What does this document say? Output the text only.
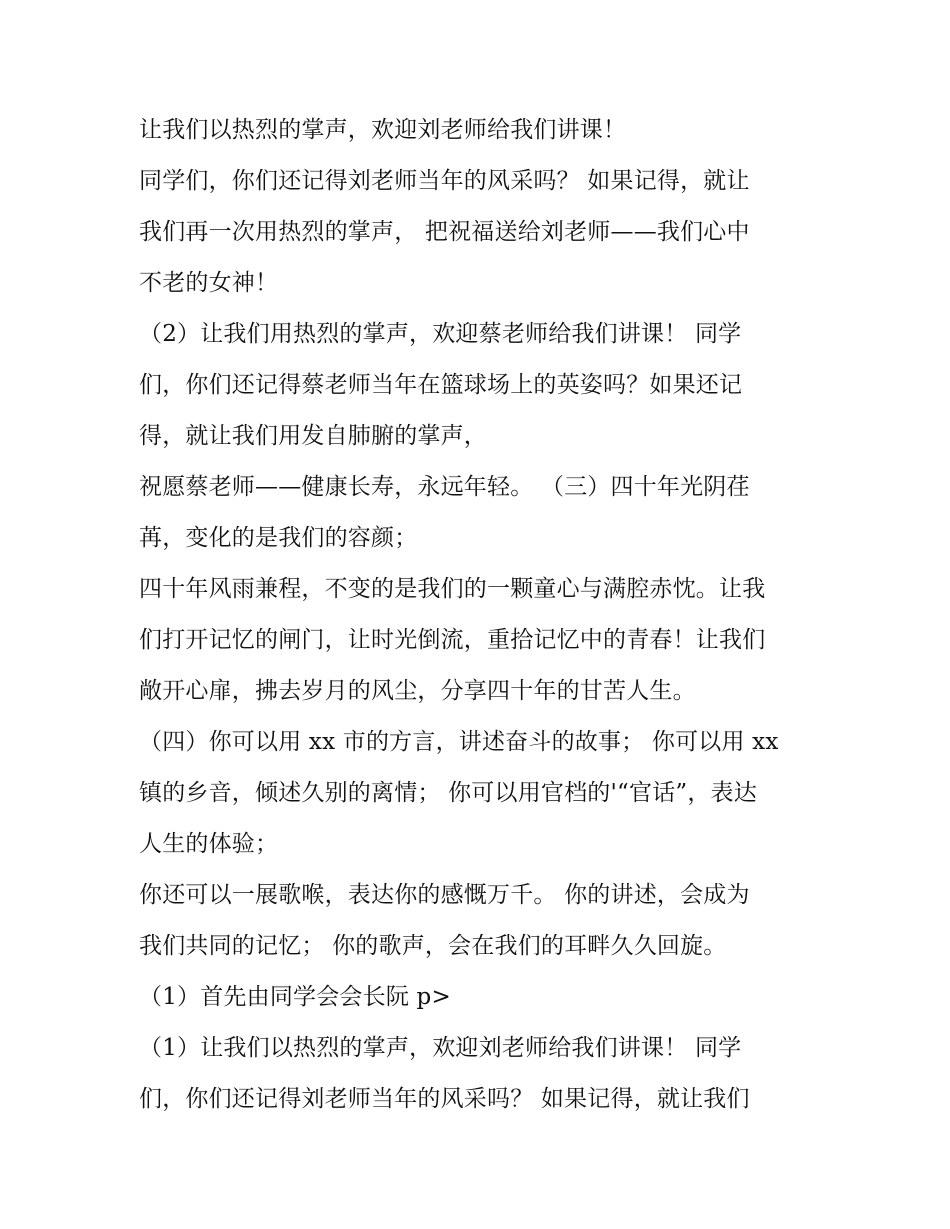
让我们以热烈的掌声，欢迎刘老师给我们讲课！
同学们，你们还记得刘老师当年的风采吗？ 如果记得，就让
我们再一次用热烈的掌声， 把祝福送给刘老师——我们心中
不老的女神！
（2）让我们用热烈的掌声，欢迎蔡老师给我们讲课！ 同学
们，你们还记得蔡老师当年在篮球场上的英姿吗？如果还记
得，就让我们用发自肺腑的掌声，
祝愿蔡老师——健康长寿，永远年轻。 （三）四十年光阴荏
苒，变化的是我们的容颜；
四十年风雨兼程，不变的是我们的一颗童心与满腔赤忱。让我
们打开记忆的闸门，让时光倒流，重拾记忆中的青春！让我们
敞开心扉，拂去岁月的风尘，分享四十年的甘苦人生。
（四）你可以用 xx 市的方言，讲述奋斗的故事； 你可以用 xx
镇的乡音，倾述久别的离情； 你可以用官档的'“官话”，表达
人生的体验；
你还可以一展歌喉，表达你的感慨万千。 你的讲述，会成为
我们共同的记忆； 你的歌声，会在我们的耳畔久久回旋。
（1）首先由同学会会长阮 p>
（1）让我们以热烈的掌声，欢迎刘老师给我们讲课！ 同学
们，你们还记得刘老师当年的风采吗？ 如果记得，就让我们
